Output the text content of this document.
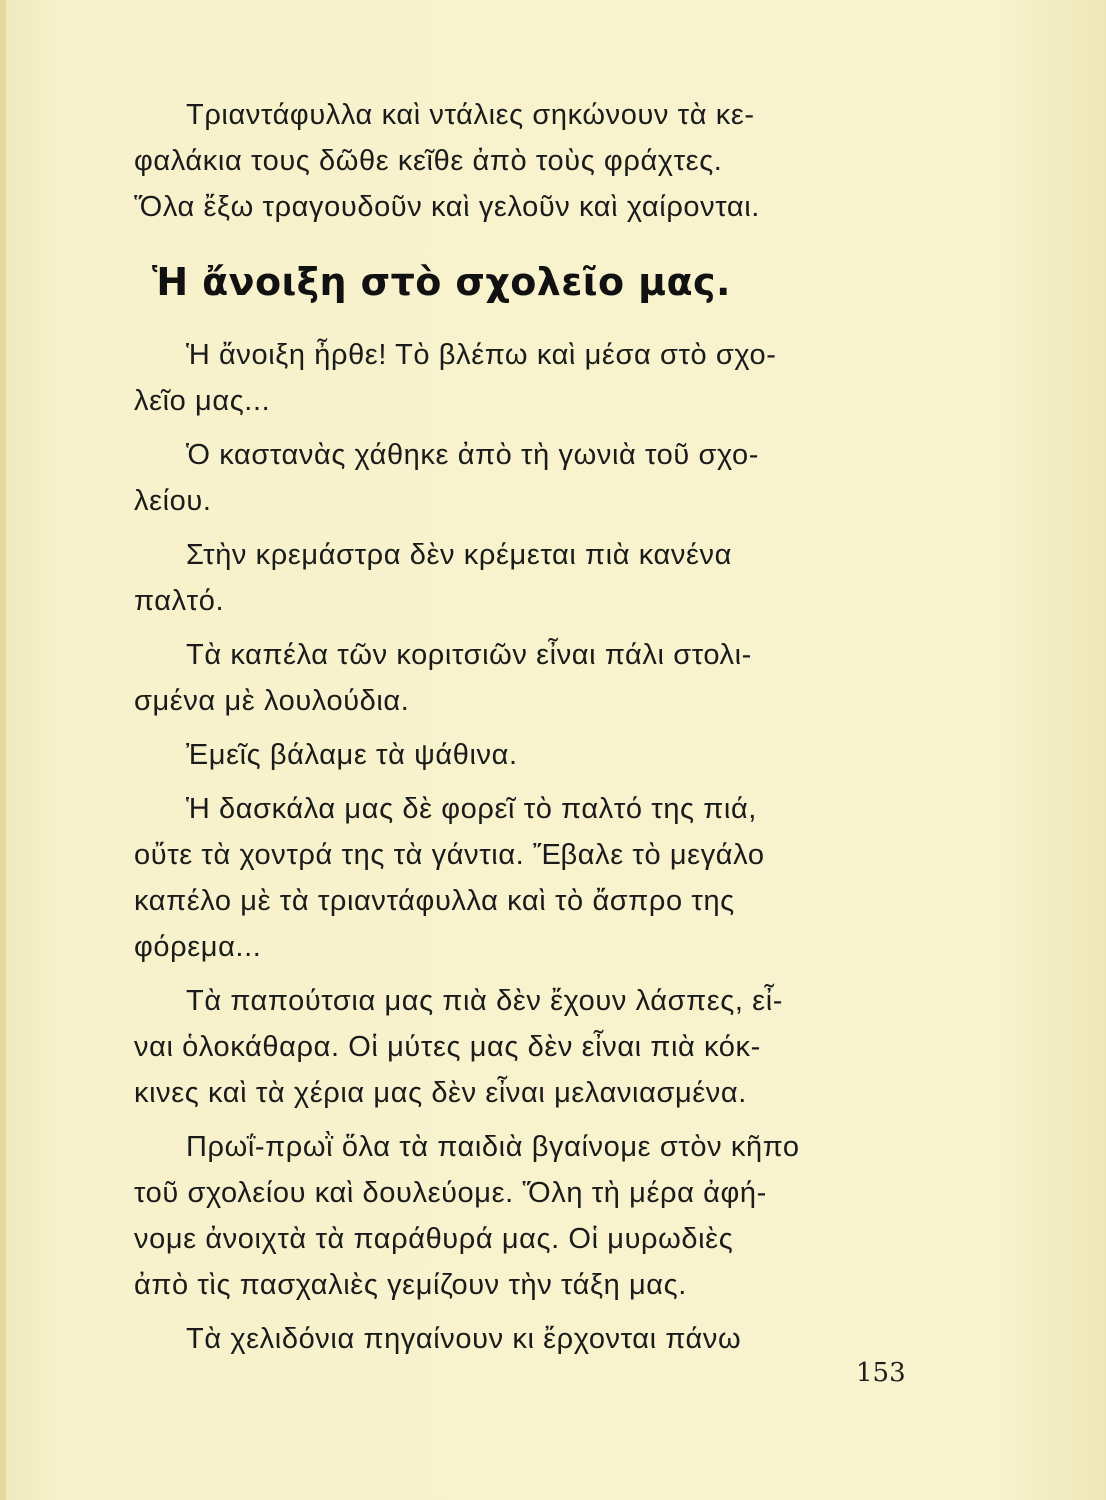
Τριαντάφυλλα καὶ ντάλιες σηκώνουν τὰ κε-
φαλάκια τους δῶθε κεῖθε ἀπὸ τοὺς φράχτες.
Ὅλα ἔξω τραγουδοῦν καὶ γελοῦν καὶ χαίρονται.
Ἡ ἄνοιξη στὸ σχολεῖο μας.
Ἡ ἄνοιξη ἦρθε! Τὸ βλέπω καὶ μέσα στὸ σχο-
λεῖο μας...
Ὁ καστανὰς χάθηκε ἀπὸ τὴ γωνιὰ τοῦ σχο-
λείου.
Στὴν κρεμάστρα δὲν κρέμεται πιὰ κανένα
παλτό.
Τὰ καπέλα τῶν κοριτσιῶν εἶναι πάλι στολι-
σμένα μὲ λουλούδια.
Ἐμεῖς βάλαμε τὰ ψάθινα.
Ἡ δασκάλα μας δὲ φορεῖ τὸ παλτό της πιά,
οὔτε τὰ χοντρά της τὰ γάντια. Ἔβαλε τὸ μεγάλο
καπέλο μὲ τὰ τριαντάφυλλα καὶ τὸ ἄσπρο της
φόρεμα...
Τὰ παπούτσια μας πιὰ δὲν ἔχουν λάσπες, εἶ-
ναι ὁλοκάθαρα. Οἱ μύτες μας δὲν εἶναι πιὰ κόκ-
κινες καὶ τὰ χέρια μας δὲν εἶναι μελανιασμένα.
Πρωΐ-πρωῒ ὅλα τὰ παιδιὰ βγαίνομε στὸν κῆπο
τοῦ σχολείου καὶ δουλεύομε. Ὅλη τὴ μέρα ἀφή-
νομε ἀνοιχτὰ τὰ παράθυρά μας. Οἱ μυρωδιὲς
ἀπὸ τὶς πασχαλιὲς γεμίζουν τὴν τάξη μας.
Τὰ χελιδόνια πηγαίνουν κι ἔρχονται πάνω
153
